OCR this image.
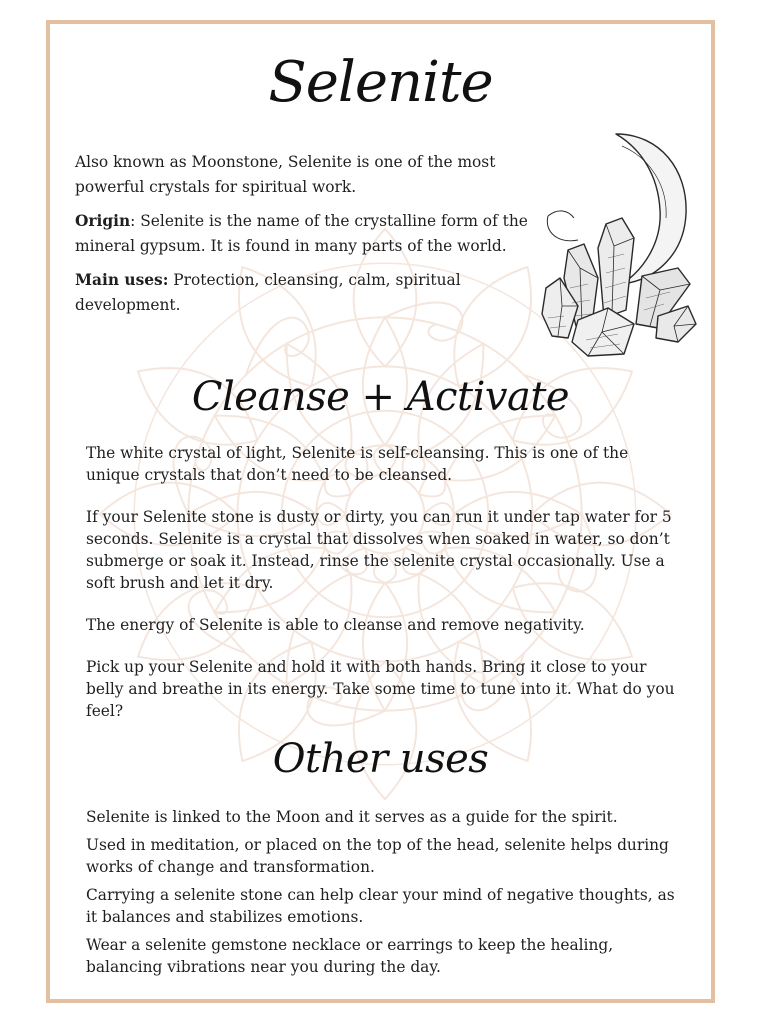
Selenite

Also known as Moonstone, Selenite is one of the most powerful crystals for spiritual work.

Origin: Selenite is the name of the crystalline form of the mineral gypsum. It is found in many parts of the world.

Main uses: Protection, cleansing, calm, spiritual development.

Cleanse + Activate

The white crystal of light, Selenite is self-cleansing. This is one of the unique crystals that don’t need to be cleansed.

If your Selenite stone is dusty or dirty, you can run it under tap water for 5 seconds. Selenite is a crystal that dissolves when soaked in water, so don’t submerge or soak it. Instead, rinse the selenite crystal occasionally. Use a soft brush and let it dry.

The energy of Selenite is able to cleanse and remove negativity.

Pick up your Selenite and hold it with both hands. Bring it close to your belly and breathe in its energy. Take some time to tune into it. What do you feel?

Other uses

Selenite is linked to the Moon and it serves as a guide for the spirit.

Used in meditation, or placed on the top of the head, selenite helps during works of change and transformation.

Carrying a selenite stone can help clear your mind of negative thoughts, as it balances and stabilizes emotions.

Wear a selenite gemstone necklace or earrings to keep the healing, balancing vibrations near you during the day.
